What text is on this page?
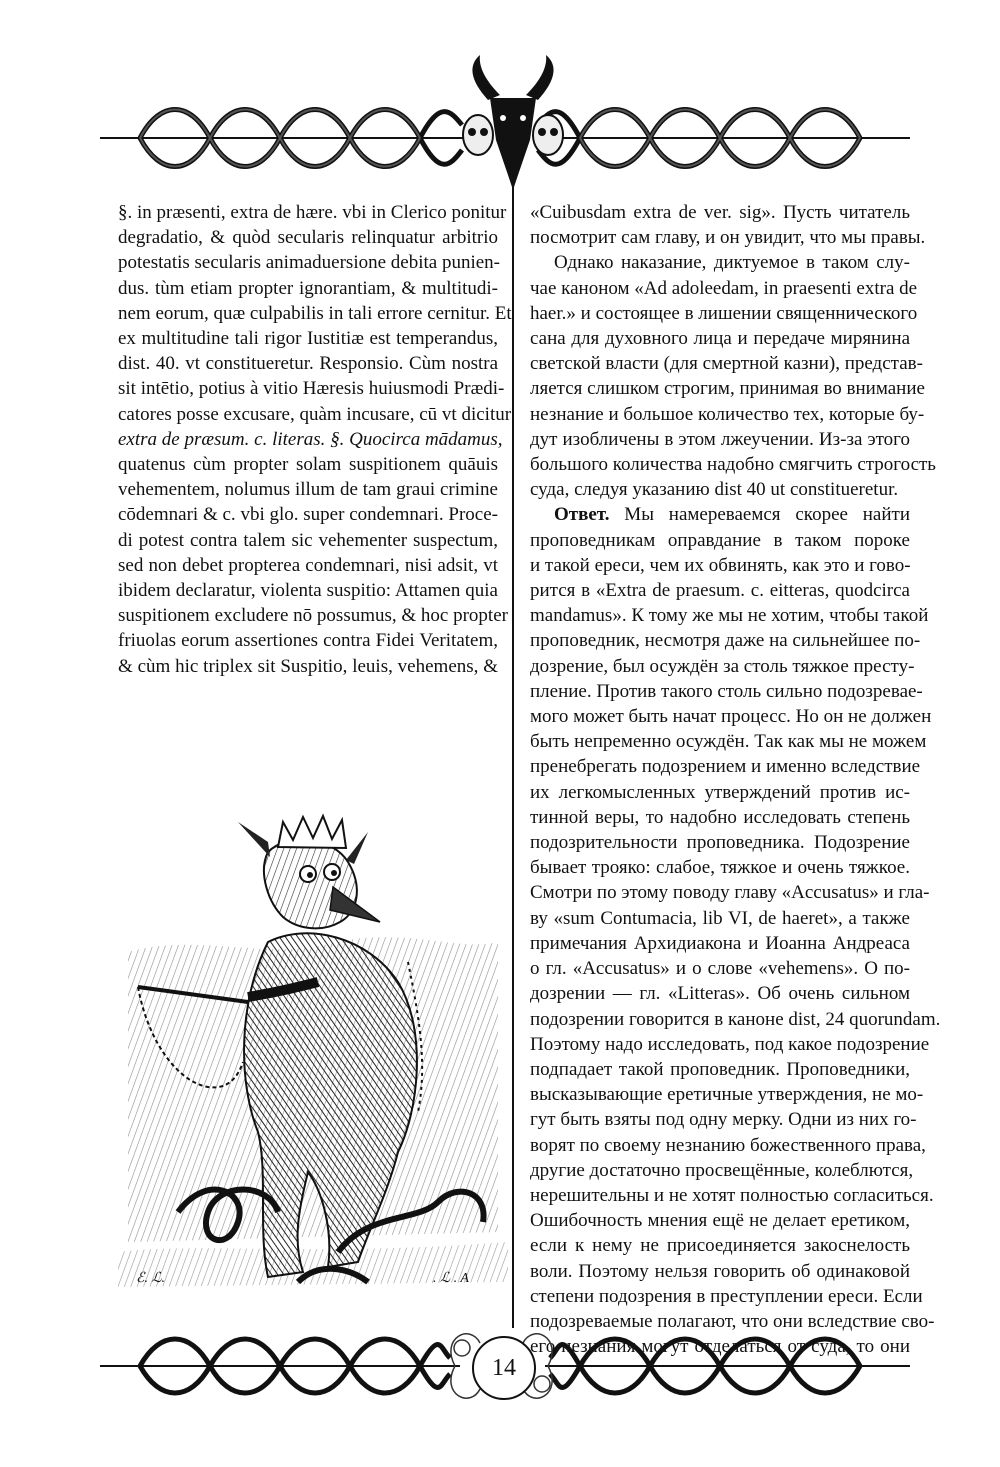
§. in præsenti, extra de hære. vbi in Clerico ponitur
degradatio, & quòd secularis relinquatur arbitrio
potestatis secularis animaduersione debita punien-
dus. tùm etiam propter ignorantiam, & multitudi-
nem eorum, quæ culpabilis in tali errore cernitur. Et
ex multitudine tali rigor Iustitiæ est temperandus,
dist. 40. vt constitueretur. Responsio. Cùm nostra
sit intētio, potius à vitio Hæresis huiusmodi Prædi-
catores posse excusare, quàm incusare, cū vt dicitur
extra de præsum. c. literas. §. Quocirca mādamus,
quatenus cùm propter solam suspitionem quāuis
vehementem, nolumus illum de tam graui crimine
cōdemnari & c. vbi glo. super condemnari. Proce-
di potest contra talem sic vehementer suspectum,
sed non debet propterea condemnari, nisi adsit, vt
ibidem declaratur, violenta suspitio: Attamen quia
suspitionem excludere nō possumus, & hoc propter
friuolas eorum assertiones contra Fidei Veritatem,
& cùm hic triplex sit Suspitio, leuis, vehemens, &

ℰ. ℒ.	. ℒ . A

«Cuibusdam extra de ver. sig». Пусть читатель
посмотрит сам главу, и он увидит, что мы правы.

Однако наказание, диктуемое в таком слу-
чае каноном «Ad adoleedam, in praesenti extra de
haer.» и состоящее в лишении священнического
сана для духовного лица и передаче мирянина
светской власти (для смертной казни), представ-
ляется слишком строгим, принимая во внимание
незнание и большое количество тех, которые бу-
дут изобличены в этом лжеучении. Из-за этого
большого количества надобно смягчить строгость
суда, следуя указанию dist 40 ut constitueretur.

Ответ. Мы намереваемся скорее найти
проповедникам оправдание в таком пороке
и такой ереси, чем их обвинять, как это и гово-
рится в «Extra de praesum. c. eitteras, quodcirca
mandamus». К тому же мы не хотим, чтобы такой
проповедник, несмотря даже на сильнейшее по-
дозрение, был осуждён за столь тяжкое престу-
пление. Против такого столь сильно подозревае-
мого может быть начат процесс. Но он не должен
быть непременно осуждён. Так как мы не можем
пренебрегать подозрением и именно вследствие
их легкомысленных утверждений против ис-
тинной веры, то надобно исследовать степень
подозрительности проповедника. Подозрение
бывает трояко: слабое, тяжкое и очень тяжкое.
Смотри по этому поводу главу «Accusatus» и гла-
ву «sum Contumacia, lib VI, de haeret», а также
примечания Архидиакона и Иоанна Андреаса
о гл. «Accusatus» и о слове «vehemens». О по-
дозрении — гл. «Litteras». Об очень сильном
подозрении говорится в каноне dist, 24 quorundam.
Поэтому надо исследовать, под какое подозрение
подпадает такой проповедник. Проповедники,
высказывающие еретичные утверждения, не мо-
гут быть взяты под одну мерку. Одни из них го-
ворят по своему незнанию божественного права,
другие достаточно просвещённые, колеблются,
нерешительны и не хотят полностью согласиться.
Ошибочность мнения ещё не делает еретиком,
если к нему не присоединяется закоснелость
воли. Поэтому нельзя говорить об одинаковой
степени подозрения в преступлении ереси. Если
подозреваемые полагают, что они вследствие сво-
его незнания могут отделаться от суда, то они

14
